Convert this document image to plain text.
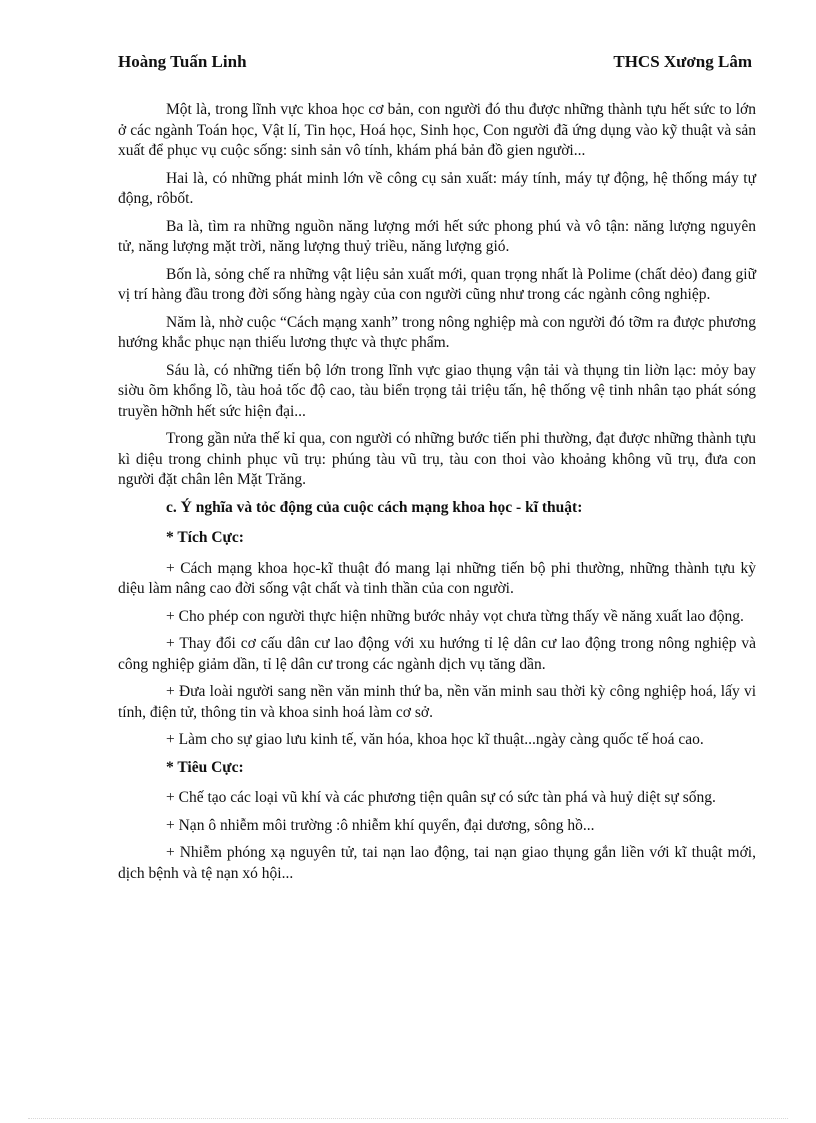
Hoàng Tuấn Linh	THCS Xương Lâm

Một là, trong lĩnh vực khoa học cơ bản, con người đó thu được những thành tựu hết sức to lớn ở các ngành Toán học, Vật lí, Tin học, Hoá học, Sinh học, Con người đã ứng dụng vào kỹ thuật và sản xuất để phục vụ cuộc sống: sinh sản vô tính, khám phá bản đồ gien người...

Hai là, có những phát minh lớn về công cụ sản xuất: máy tính, máy tự động, hệ thống máy tự động, rôbốt.

Ba là, tìm ra những nguồn năng lượng mới hết sức phong phú và vô tận: năng lượng nguyên tử, năng lượng mặt trời, năng lượng thuỷ triều, năng lượng gió.

Bốn là, sỏng chế ra những vật liệu sản xuất mới, quan trọng nhất là Polime (chất dẻo) đang giữ vị trí hàng đầu trong đời sống hàng ngày của con người cũng như trong các ngành công nghiệp.

Năm là, nhờ cuộc “Cách mạng xanh” trong nông nghiệp mà con người đó tỡm ra được phương hướng khắc phục nạn thiếu lương thực và thực phẩm.

Sáu là, có những tiến bộ lớn trong lĩnh vực giao thụng vận tải và thụng tin liờn lạc: mỏy bay siờu õm khổng lồ, tàu hoả tốc độ cao, tàu biển trọng tải triệu tấn, hệ thống vệ tinh nhân tạo phát sóng truyền hỡnh hết sức hiện đại...

Trong gần nửa thế kỉ qua, con người có những bước tiến phi thường, đạt được những thành tựu kì diệu trong chinh phục vũ trụ: phúng tàu vũ trụ, tàu con thoi vào khoảng không vũ trụ, đưa con người đặt chân lên Mặt Trăng.

c. Ý nghĩa và tỏc động của cuộc cách mạng khoa học - kĩ thuật:

* Tích Cực:

+ Cách mạng khoa học-kĩ thuật đó mang lại những tiến bộ phi thường, những thành tựu kỳ diệu làm nâng cao đời sống vật chất và tinh thần của con người.

+ Cho phép con người thực hiện những bước nhảy vọt chưa từng thấy về năng xuất lao động.

+ Thay đổi cơ cấu dân cư lao động với xu hướng tỉ lệ dân cư lao động trong nông nghiệp và công nghiệp giảm dần, tỉ lệ dân cư trong các ngành dịch vụ tăng dần.

+ Đưa loài người sang nền văn minh thứ ba, nền văn minh sau thời kỳ công nghiệp hoá, lấy vi tính, điện tử, thông tin và khoa sinh hoá làm cơ sở.

+ Làm cho sự giao lưu kinh tế, văn hóa, khoa học kĩ thuật...ngày càng quốc tế hoá cao.

* Tiêu Cực:

+ Chế tạo các loại vũ khí và các phương tiện quân sự có sức tàn phá và huỷ diệt sự sống.

+ Nạn ô nhiễm môi trường :ô nhiễm khí quyển, đại dương, sông hồ...

+ Nhiễm phóng xạ nguyên tử, tai nạn lao động, tai nạn giao thụng gắn liền với kĩ thuật mới, dịch bệnh và tệ nạn xó hội...
